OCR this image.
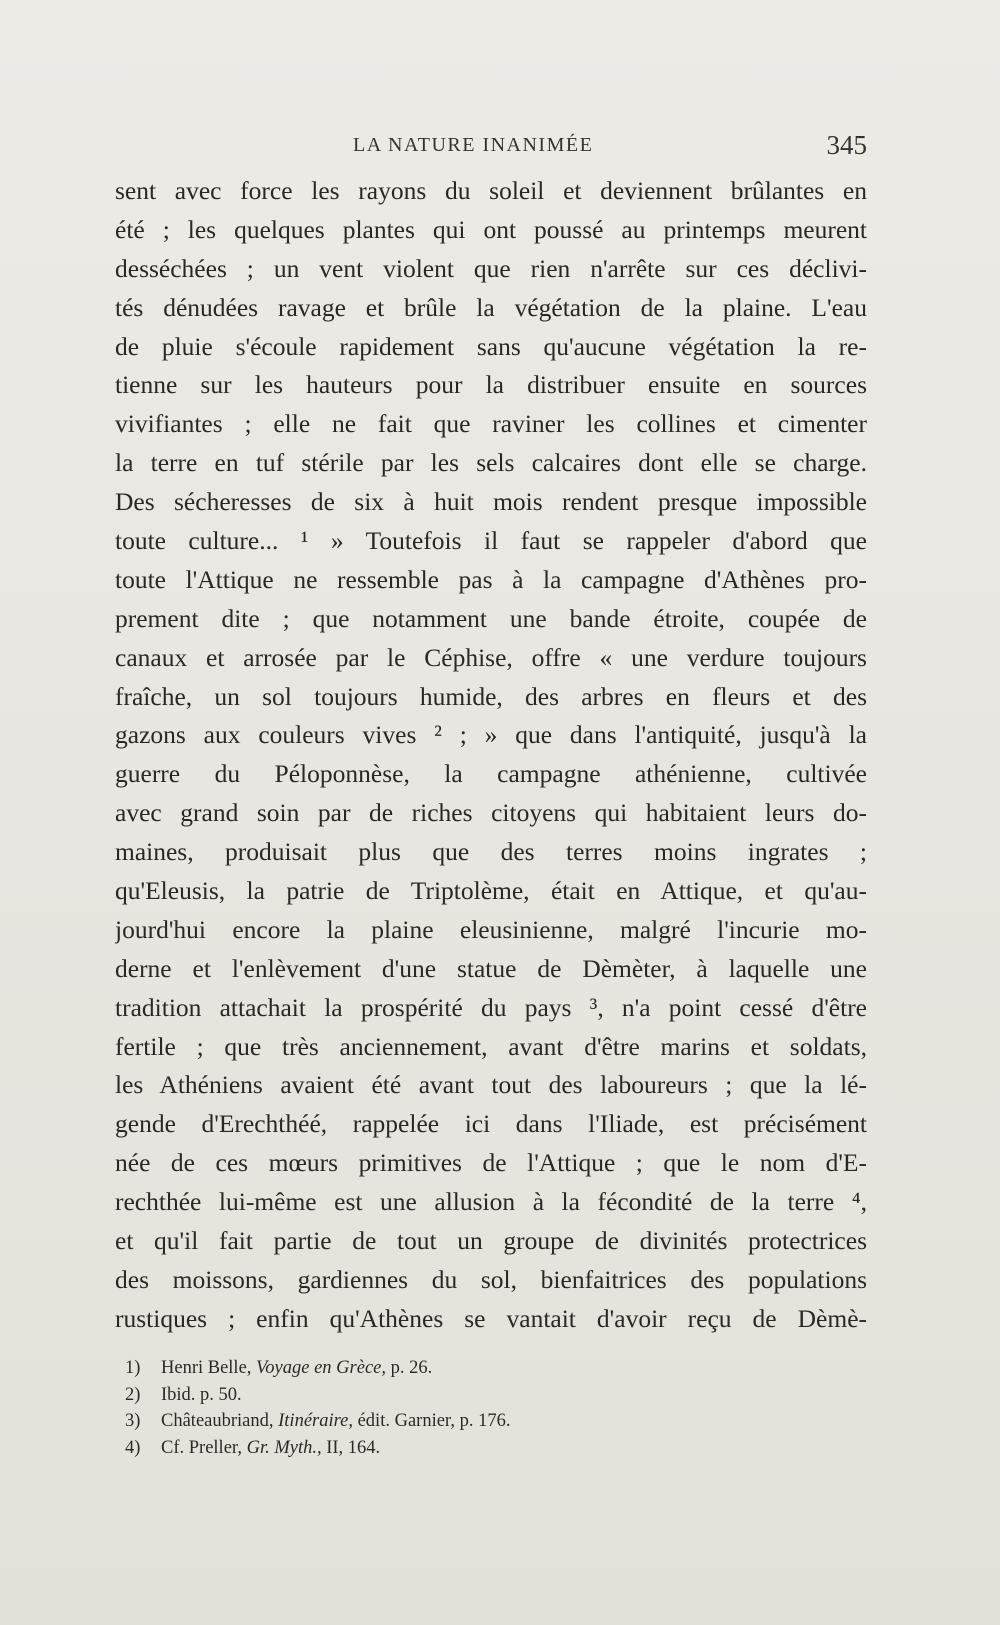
LA NATURE INANIMÉE	345
sent avec force les rayons du soleil et deviennent brûlantes en
été ; les quelques plantes qui ont poussé au printemps meurent
desséchées ; un vent violent que rien n'arrête sur ces déclivi-
tés dénudées ravage et brûle la végétation de la plaine. L'eau
de pluie s'écoule rapidement sans qu'aucune végétation la re-
tienne sur les hauteurs pour la distribuer ensuite en sources
vivifiantes ; elle ne fait que raviner les collines et cimenter
la terre en tuf stérile par les sels calcaires dont elle se charge.
Des sécheresses de six à huit mois rendent presque impossible
toute culture... ¹ » Toutefois il faut se rappeler d'abord que
toute l'Attique ne ressemble pas à la campagne d'Athènes pro-
prement dite ; que notamment une bande étroite, coupée de
canaux et arrosée par le Céphise, offre « une verdure toujours
fraîche, un sol toujours humide, des arbres en fleurs et des
gazons aux couleurs vives ² ; » que dans l'antiquité, jusqu'à la
guerre du Péloponnèse, la campagne athénienne, cultivée
avec grand soin par de riches citoyens qui habitaient leurs do-
maines, produisait plus que des terres moins ingrates ;
qu'Eleusis, la patrie de Triptolème, était en Attique, et qu'au-
jourd'hui encore la plaine eleusinienne, malgré l'incurie mo-
derne et l'enlèvement d'une statue de Dèmèter, à laquelle une
tradition attachait la prospérité du pays ³, n'a point cessé d'être
fertile ; que très anciennement, avant d'être marins et soldats,
les Athéniens avaient été avant tout des laboureurs ; que la lé-
gende d'Erechthéé, rappelée ici dans l'Iliade, est précisément
née de ces mœurs primitives de l'Attique ; que le nom d'E-
rechthée lui-même est une allusion à la fécondité de la terre ⁴,
et qu'il fait partie de tout un groupe de divinités protectrices
des moissons, gardiennes du sol, bienfaitrices des populations
rustiques ; enfin qu'Athènes se vantait d'avoir reçu de Dèmè-
1) Henri Belle, Voyage en Grèce, p. 26.
2) Ibid. p. 50.
3) Châteaubriand, Itinéraire, édit. Garnier, p. 176.
4) Cf. Preller, Gr. Myth., II, 164.
